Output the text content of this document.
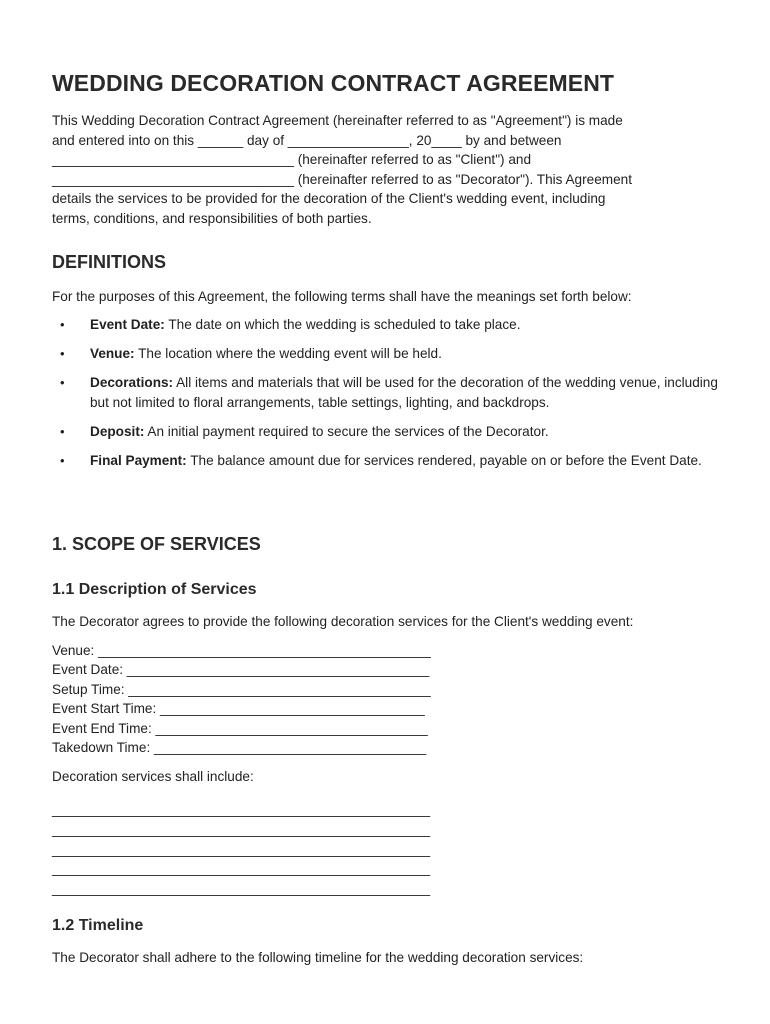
WEDDING DECORATION CONTRACT AGREEMENT
This Wedding Decoration Contract Agreement (hereinafter referred to as "Agreement") is made
and entered into on this ______ day of ________________, 20____ by and between
________________________________ (hereinafter referred to as "Client") and
________________________________ (hereinafter referred to as "Decorator"). This Agreement
details the services to be provided for the decoration of the Client's wedding event, including
terms, conditions, and responsibilities of both parties.
DEFINITIONS

For the purposes of this Agreement, the following terms shall have the meanings set forth below:

• Event Date: The date on which the wedding is scheduled to take place.
• Venue: The location where the wedding event will be held.
• Decorations: All items and materials that will be used for the decoration of the wedding venue, including but not limited to floral arrangements, table settings, lighting, and backdrops.
• Deposit: An initial payment required to secure the services of the Decorator.
• Final Payment: The balance amount due for services rendered, payable on or before the Event Date.
1. SCOPE OF SERVICES
1.1 Description of Services

The Decorator agrees to provide the following decoration services for the Client's wedding event:

Venue: ____________________________________________
Event Date: ________________________________________
Setup Time: ________________________________________
Event Start Time: ___________________________________
Event End Time: ____________________________________
Takedown Time: ____________________________________

Decoration services shall include:

__________________________________________________
__________________________________________________
__________________________________________________
__________________________________________________
__________________________________________________
1.2 Timeline

The Decorator shall adhere to the following timeline for the wedding decoration services:
